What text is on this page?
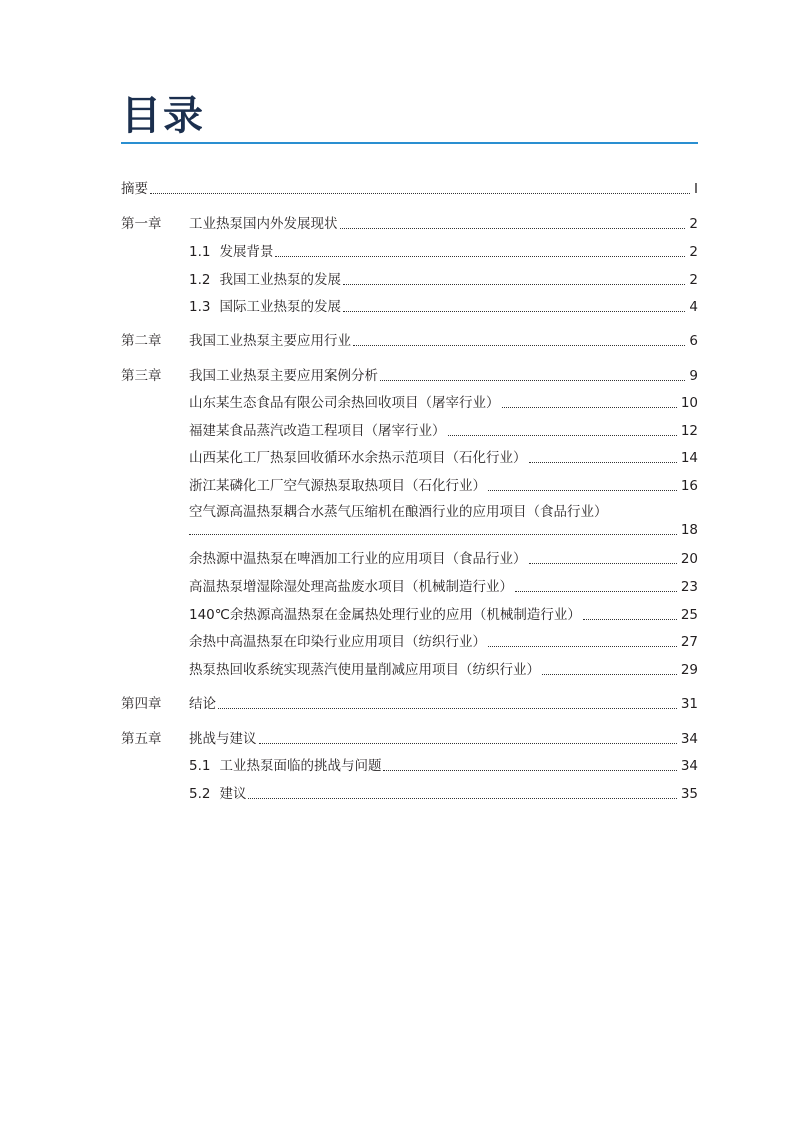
目录
摘要	I
第一章	工业热泵国内外发展现状	2
1.1 发展背景	2
1.2 我国工业热泵的发展	2
1.3 国际工业热泵的发展	4
第二章	我国工业热泵主要应用行业	6
第三章	我国工业热泵主要应用案例分析	9
山东某生态食品有限公司余热回收项目（屠宰行业）	10
福建某食品蒸汽改造工程项目（屠宰行业）	12
山西某化工厂热泵回收循环水余热示范项目（石化行业）	14
浙江某磷化工厂空气源热泵取热项目（石化行业）	16
空气源高温热泵耦合水蒸气压缩机在酿酒行业的应用项目（食品行业）
18
余热源中温热泵在啤酒加工行业的应用项目（食品行业）	20
高温热泵增湿除湿处理高盐废水项目（机械制造行业）	23
140℃余热源高温热泵在金属热处理行业的应用（机械制造行业）	25
余热中高温热泵在印染行业应用项目（纺织行业）	27
热泵热回收系统实现蒸汽使用量削减应用项目（纺织行业）	29
第四章	结论	31
第五章	挑战与建议	34
5.1 工业热泵面临的挑战与问题	34
5.2 建议	35
